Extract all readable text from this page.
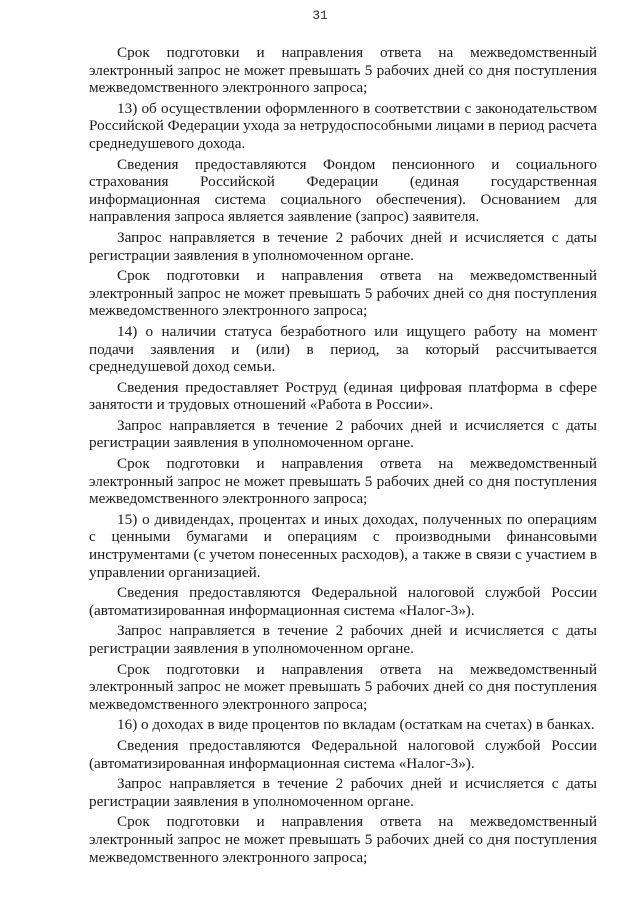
31

Срок подготовки и направления ответа на межведомственный электронный запрос не может превышать 5 рабочих дней со дня поступления межведомственного электронного запроса;

13) об осуществлении оформленного в соответствии с законодательством Российской Федерации ухода за нетрудоспособными лицами в период расчета среднедушевого дохода.

Сведения предоставляются Фондом пенсионного и социального страхования Российской Федерации (единая государственная информационная система социального обеспечения). Основанием для направления запроса является заявление (запрос) заявителя.

Запрос направляется в течение 2 рабочих дней и исчисляется с даты регистрации заявления в уполномоченном органе.

Срок подготовки и направления ответа на межведомственный электронный запрос не может превышать 5 рабочих дней со дня поступления межведомственного электронного запроса;

14) о наличии статуса безработного или ищущего работу на момент подачи заявления и (или) в период, за который рассчитывается среднедушевой доход семьи.

Сведения предоставляет Роструд (единая цифровая платформа в сфере занятости и трудовых отношений «Работа в России».

Запрос направляется в течение 2 рабочих дней и исчисляется с даты регистрации заявления в уполномоченном органе.

Срок подготовки и направления ответа на межведомственный электронный запрос не может превышать 5 рабочих дней со дня поступления межведомственного электронного запроса;

15) о дивидендах, процентах и иных доходах, полученных по операциям с ценными бумагами и операциям с производными финансовыми инструментами (с учетом понесенных расходов), а также в связи с участием в управлении организацией.

Сведения предоставляются Федеральной налоговой службой России (автоматизированная информационная система «Налог-3»).

Запрос направляется в течение 2 рабочих дней и исчисляется с даты регистрации заявления в уполномоченном органе.

Срок подготовки и направления ответа на межведомственный электронный запрос не может превышать 5 рабочих дней со дня поступления межведомственного электронного запроса;

16) о доходах в виде процентов по вкладам (остаткам на счетах) в банках.

Сведения предоставляются Федеральной налоговой службой России (автоматизированная информационная система «Налог-3»).

Запрос направляется в течение 2 рабочих дней и исчисляется с даты регистрации заявления в уполномоченном органе.

Срок подготовки и направления ответа на межведомственный электронный запрос не может превышать 5 рабочих дней со дня поступления межведомственного электронного запроса;
